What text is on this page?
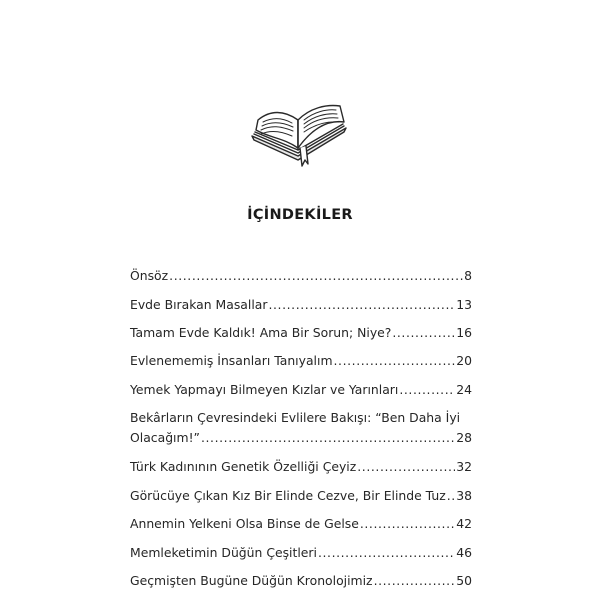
İÇİNDEKİLER
Önsöz .....	8
Evde Bırakan Masallar .....	13
Tamam Evde Kaldık! Ama Bir Sorun; Niye? .....	16
Evlenememiş İnsanları Tanıyalım .....	20
Yemek Yapmayı Bilmeyen Kızlar ve Yarınları .....	24
Bekârların Çevresindeki Evlilere Bakışı: “Ben Daha İyi
Olacağım!” .....	28
Türk Kadınının Genetik Özelliği Çeyiz .....	32
Görücüye Çıkan Kız Bir Elinde Cezve, Bir Elinde Tuz ..... 38
Annemin Yelkeni Olsa Binse de Gelse .....	42
Memleketimin Düğün Çeşitleri .....	46
Geçmişten Bugüne Düğün Kronolojimiz .....	50
